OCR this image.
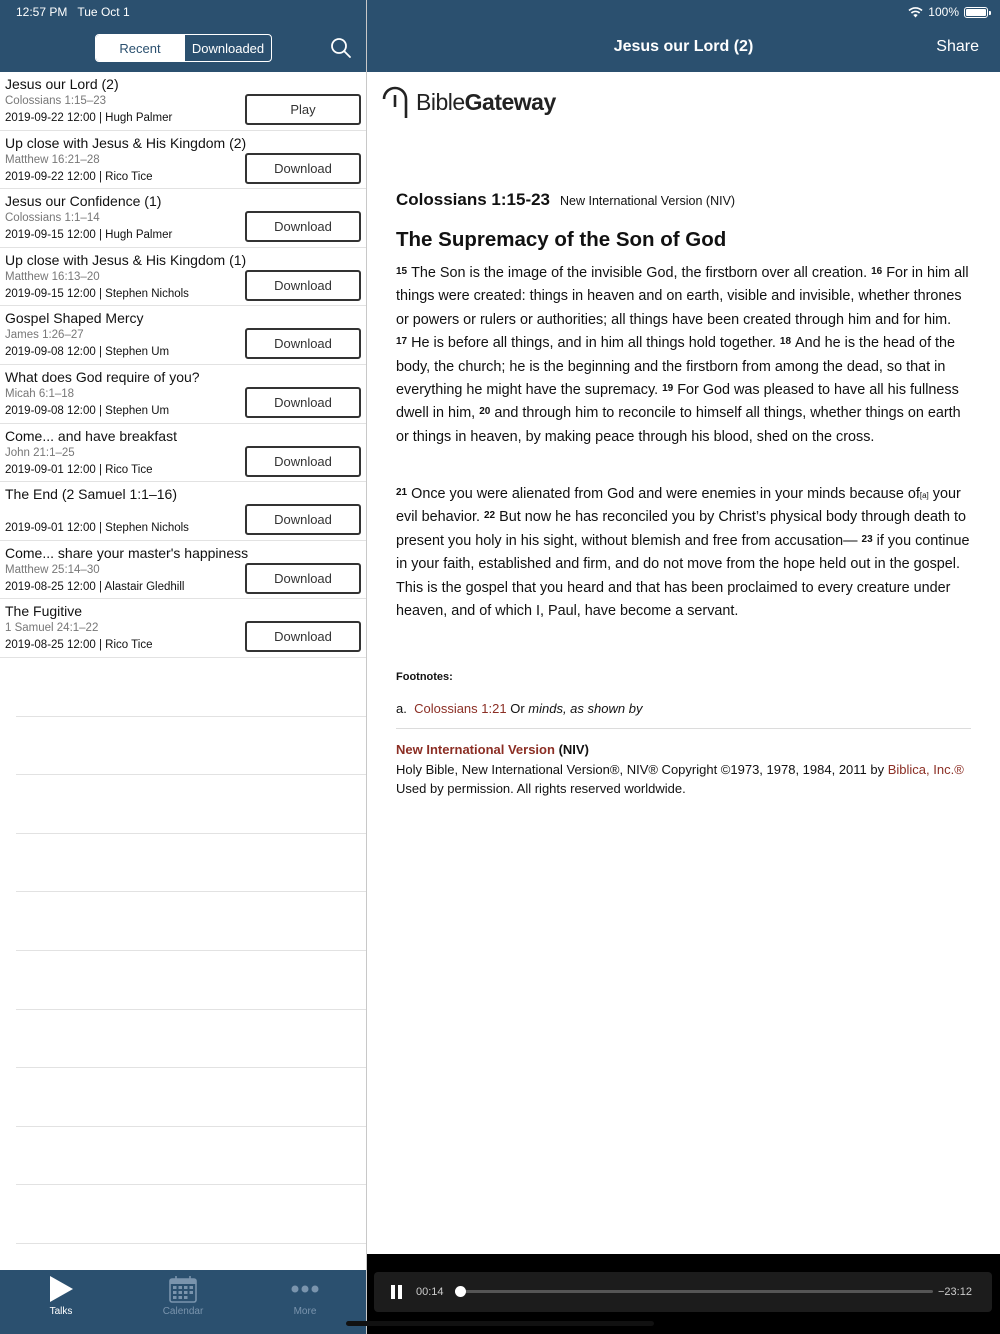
12:57 PM Tue Oct 1	100%
Recent	Downloaded
Jesus our Lord (2)
Colossians 1:15–23
2019-09-22 12:00 | Hugh Palmer
Play
Up close with Jesus & His Kingdom (2)
Matthew 16:21–28
2019-09-22 12:00 | Rico Tice
Download
Jesus our Confidence (1)
Colossians 1:1–14
2019-09-15 12:00 | Hugh Palmer
Download
Up close with Jesus & His Kingdom (1)
Matthew 16:13–20
2019-09-15 12:00 | Stephen Nichols
Download
Gospel Shaped Mercy
James 1:26–27
2019-09-08 12:00 | Stephen Um
Download
What does God require of you?
Micah 6:1–18
2019-09-08 12:00 | Stephen Um
Download
Come... and have breakfast
John 21:1–25
2019-09-01 12:00 | Rico Tice
Download
The End (2 Samuel 1:1–16)
2019-09-01 12:00 | Stephen Nichols
Download
Come... share your master's happiness
Matthew 25:14–30
2019-08-25 12:00 | Alastair Gledhill
Download
The Fugitive
1 Samuel 24:1–22
2019-08-25 12:00 | Rico Tice
Download
Talks	Calendar	More
Jesus our Lord (2)	Share
BibleGateway
Colossians 1:15-23 New International Version (NIV)
The Supremacy of the Son of God
$^{15}$ The Son is the image of the invisible God, the firstborn over all creation. $^{16}$ For in him all things were created: things in heaven and on earth, visible and invisible, whether thrones or powers or rulers or authorities; all things have been created through him and for him. $^{17}$ He is before all things, and in him all things hold together. $^{18}$ And he is the head of the body, the church; he is the beginning and the firstborn from among the dead, so that in everything he might have the supremacy. $^{19}$ For God was pleased to have all his fullness dwell in him, $^{20}$ and through him to reconcile to himself all things, whether things on earth or things in heaven, by making peace through his blood, shed on the cross.
$^{21}$ Once you were alienated from God and were enemies in your minds because of[a] your evil behavior. $^{22}$ But now he has reconciled you by Christ’s physical body through death to present you holy in his sight, without blemish and free from accusation— $^{23}$ if you continue in your faith, established and firm, and do not move from the hope held out in the gospel. This is the gospel that you heard and that has been proclaimed to every creature under heaven, and of which I, Paul, have become a servant.
Footnotes:
a. Colossians 1:21 Or minds, as shown by
New International Version (NIV)
Holy Bible, New International Version®, NIV® Copyright ©1973, 1978, 1984, 2011 by Biblica, Inc.® Used by permission. All rights reserved worldwide.
00:14	−23:12
